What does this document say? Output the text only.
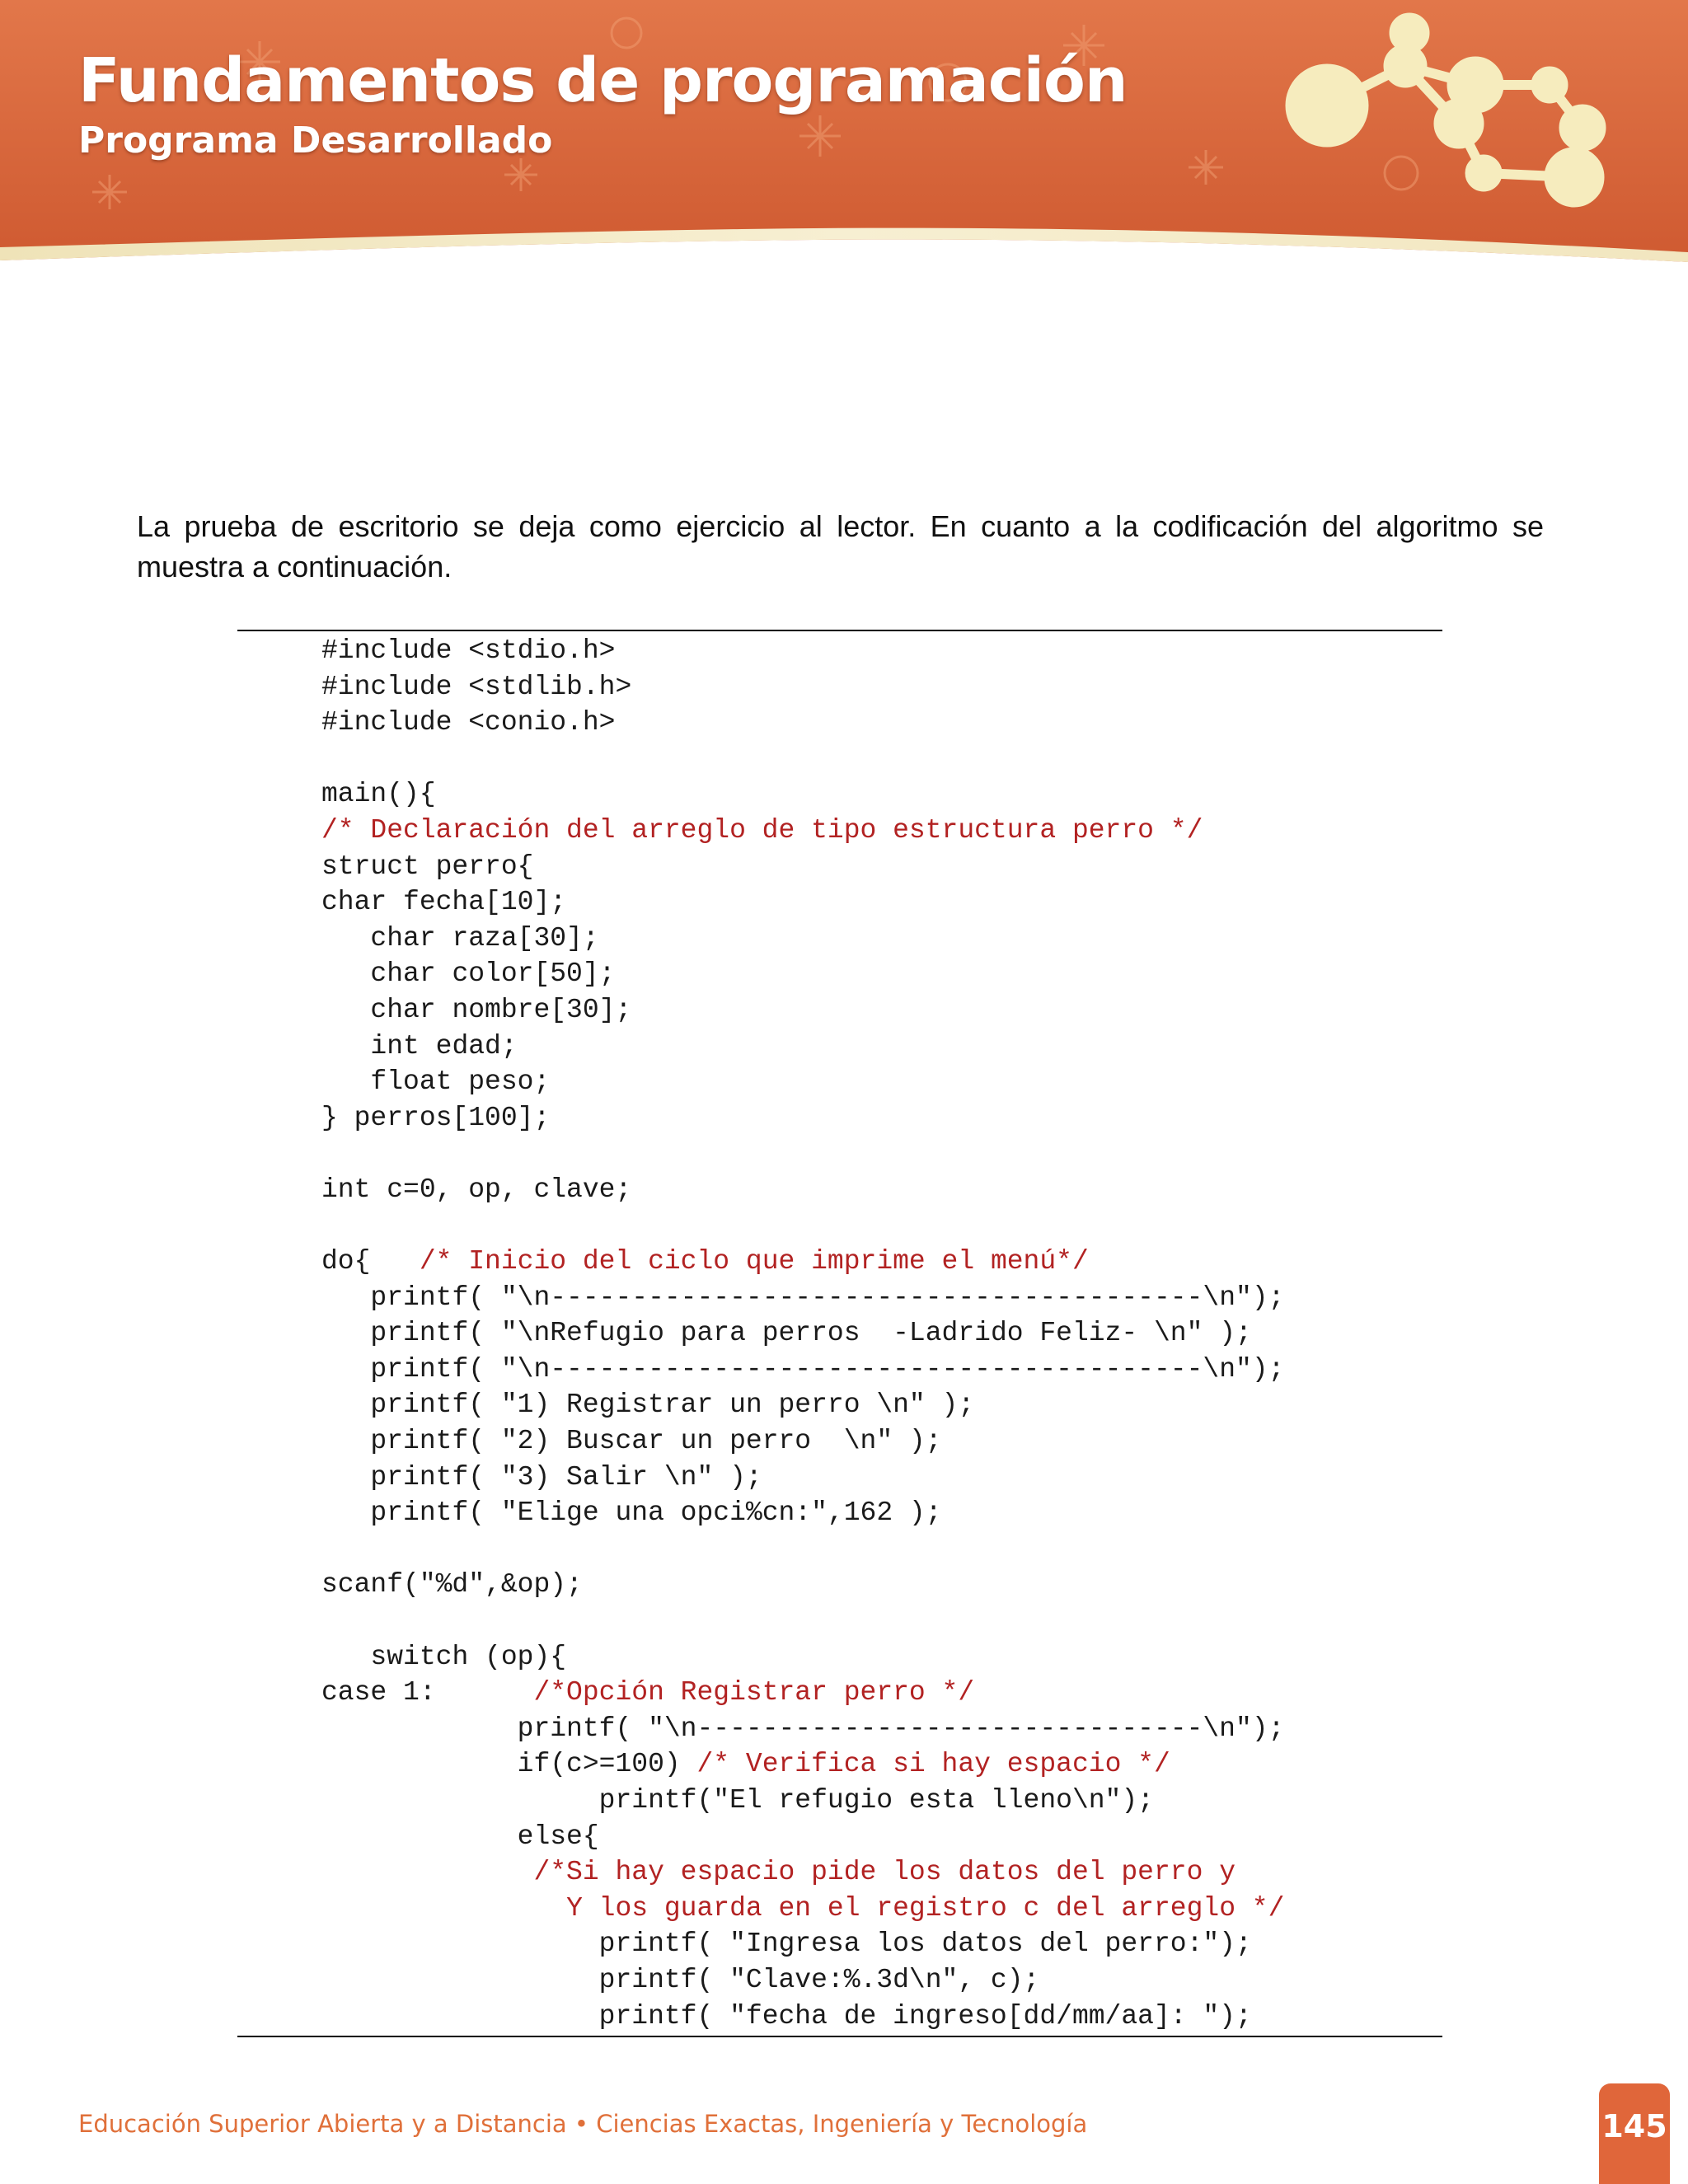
Fundamentos de programación
Programa Desarrollado

La prueba de escritorio se deja como ejercicio al lector. En cuanto a la codificación del algoritmo se muestra a continuación.

#include <stdio.h>
#include <stdlib.h>
#include <conio.h>
main(){
/* Declaración del arreglo de tipo estructura perro */
struct perro{
char fecha[10];
char raza[30];
char color[50];
char nombre[30];
int edad;
float peso;
} perros[100];
int c=0, op, clave;
do{   /* Inicio del ciclo que imprime el menú*/
printf( "\n----------------------------------------\n");
printf( "\nRefugio para perros  -Ladrido Feliz- \n" );
printf( "\n----------------------------------------\n");
printf( "1) Registrar un perro \n" );
printf( "2) Buscar un perro  \n" );
printf( "3) Salir \n" );
printf( "Elige una opci%cn:",162 );
scanf("%d",&op);
switch (op){
case 1:      /*Opción Registrar perro */
printf( "\n-------------------------------\n");
if(c>=100) /* Verifica si hay espacio */
printf("El refugio esta lleno\n");
else{
/*Si hay espacio pide los datos del perro y
Y los guarda en el registro c del arreglo */
printf( "Ingresa los datos del perro:");
printf( "Clave:%.3d\n", c);
printf( "fecha de ingreso[dd/mm/aa]: ");

Educación Superior Abierta y a Distancia • Ciencias Exactas, Ingeniería y Tecnología	145
